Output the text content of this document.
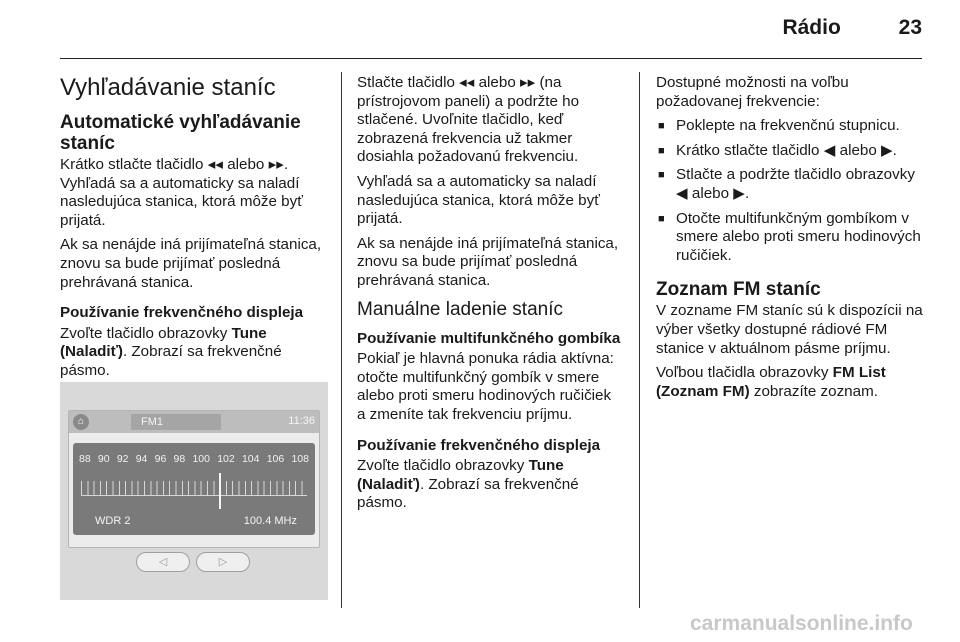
Rádio	23
Vyhľadávanie staníc
Automatické vyhľadávanie staníc

Krátko stlačte tlačidlo ◂◂ alebo ▸▸. Vyhľadá sa a automaticky sa naladí nasledujúca stanica, ktorá môže byť prijatá.

Ak sa nenájde iná prijímateľná stanica, znovu sa bude prijímať posledná prehrávaná stanica.

Používanie frekvenčného displeja

Zvoľte tlačidlo obrazovky Tune (Naladiť). Zobrazí sa frekvenčné pásmo.

⌂	FM1	11:36
88 90 92 94 96 98 100 102 104 106 108
WDR 2	100.4 MHz
◁	▷

Stlačte tlačidlo ◂◂ alebo ▸▸ (na prístrojovom paneli) a podržte ho stlačené. Uvoľnite tlačidlo, keď zobrazená frekvencia už takmer dosiahla požadovanú frekvenciu.

Vyhľadá sa a automaticky sa naladí nasledujúca stanica, ktorá môže byť prijatá.

Ak sa nenájde iná prijímateľná stanica, znovu sa bude prijímať posledná prehrávaná stanica.

Manuálne ladenie staníc
Používanie multifunkčného gombíka

Pokiaľ je hlavná ponuka rádia aktívna: otočte multifunkčný gombík v smere alebo proti smeru hodinových ručičiek a zmeníte tak frekvenciu príjmu.

Používanie frekvenčného displeja

Zvoľte tlačidlo obrazovky Tune (Naladiť). Zobrazí sa frekvenčné pásmo.

Dostupné možnosti na voľbu požadovanej frekvencie:

■ Poklepte na frekvenčnú stupnicu.
■ Krátko stlačte tlačidlo ◀ alebo ▶.
■ Stlačte a podržte tlačidlo obrazovky ◀ alebo ▶.
■ Otočte multifunkčným gombíkom v smere alebo proti smeru hodinových ručičiek.
Zoznam FM staníc

V zozname FM staníc sú k dispozícii na výber všetky dostupné rádiové FM stanice v aktuálnom pásme príjmu.

Voľbou tlačidla obrazovky FM List (Zoznam FM) zobrazíte zoznam.

carmanualsonline.info
